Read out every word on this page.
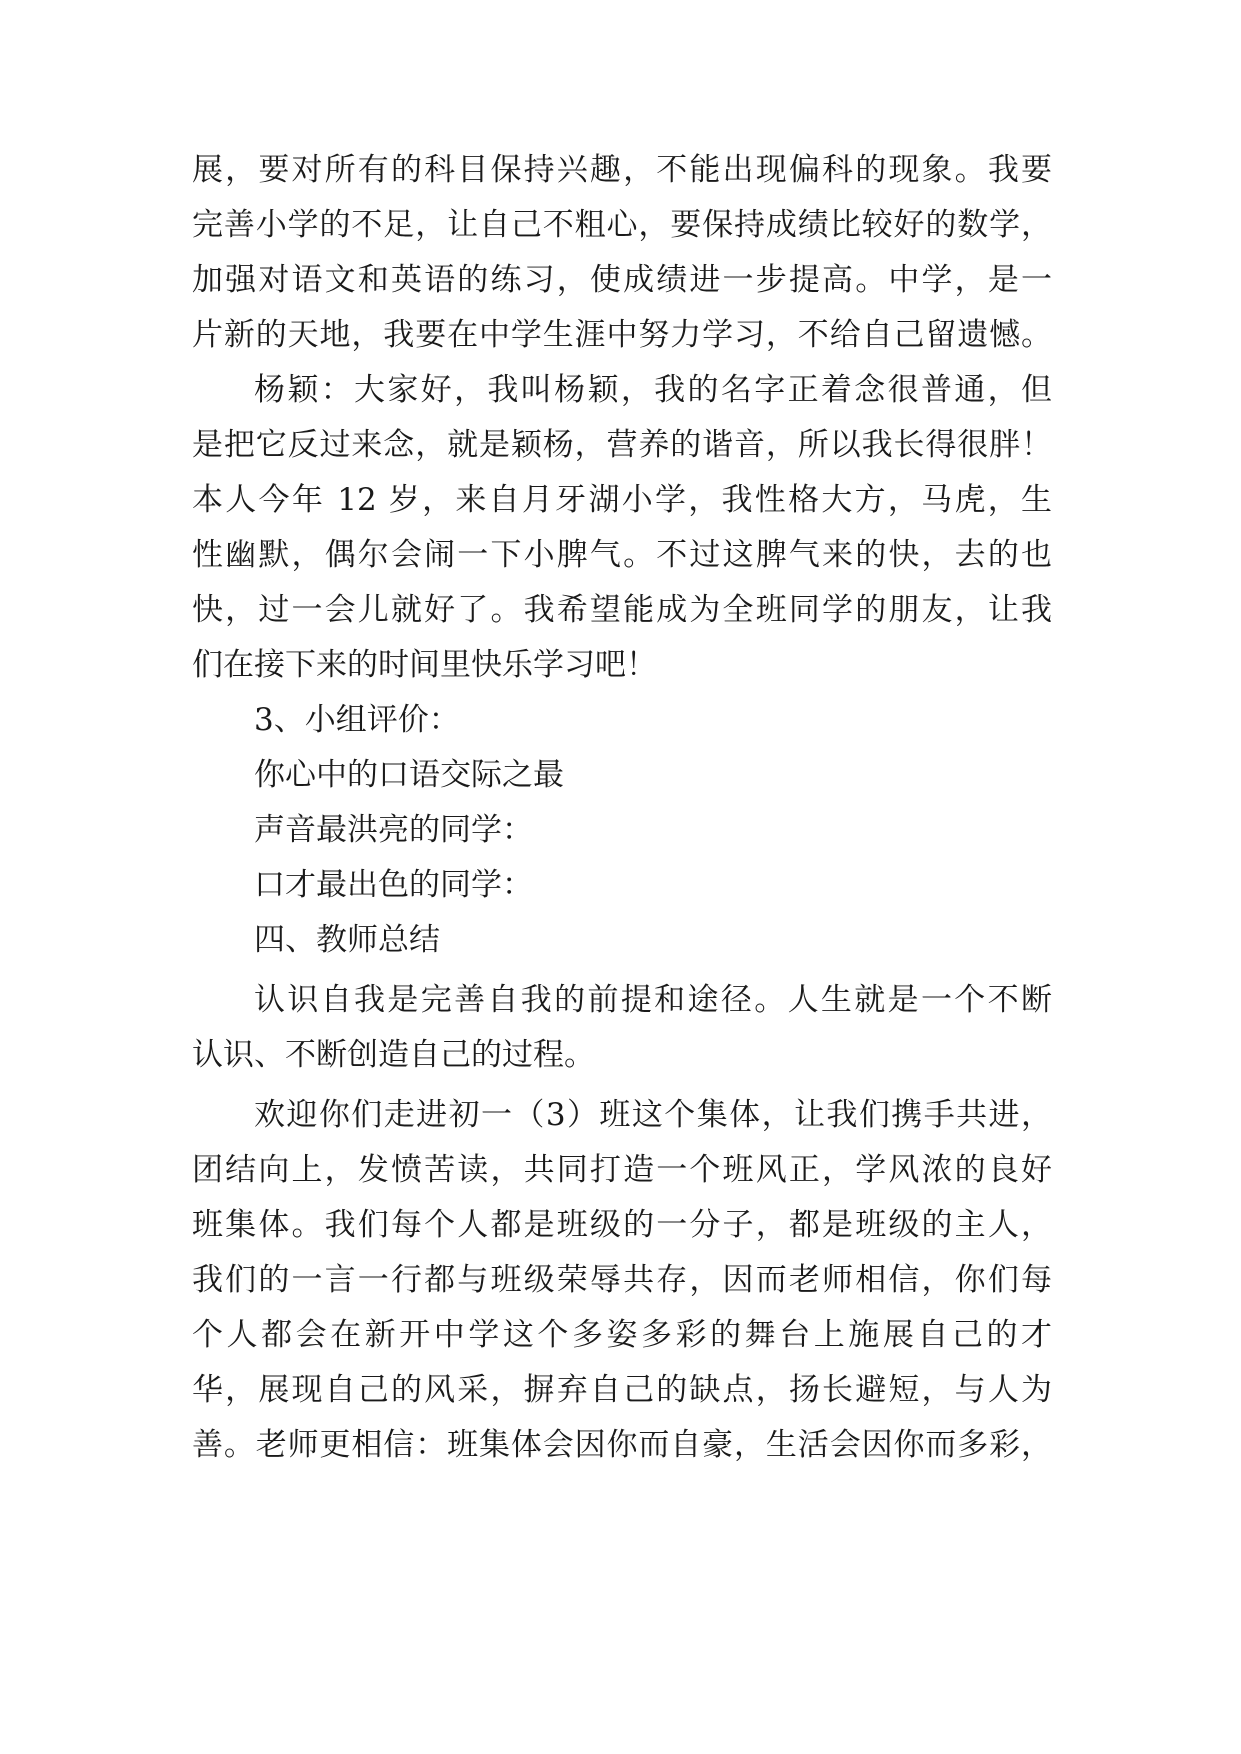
展，要对所有的科目保持兴趣，不能出现偏科的现象。我要
完善小学的不足，让自己不粗心，要保持成绩比较好的数学，
加强对语文和英语的练习，使成绩进一步提高。中学，是一
片新的天地，我要在中学生涯中努力学习，不给自己留遗憾。
杨颖：大家好，我叫杨颖，我的名字正着念很普通，但
是把它反过来念，就是颖杨，营养的谐音，所以我长得很胖！
本人今年 12 岁，来自月牙湖小学，我性格大方，马虎，生
性幽默，偶尔会闹一下小脾气。不过这脾气来的快，去的也
快，过一会儿就好了。我希望能成为全班同学的朋友，让我
们在接下来的时间里快乐学习吧！
3、小组评价：
你心中的口语交际之最
声音最洪亮的同学：
口才最出色的同学：
四、教师总结
认识自我是完善自我的前提和途径。人生就是一个不断
认识、不断创造自己的过程。
欢迎你们走进初一（3）班这个集体，让我们携手共进，
团结向上，发愤苦读，共同打造一个班风正，学风浓的良好
班集体。我们每个人都是班级的一分子，都是班级的主人，
我们的一言一行都与班级荣辱共存，因而老师相信，你们每
个人都会在新开中学这个多姿多彩的舞台上施展自己的才
华，展现自己的风采，摒弃自己的缺点，扬长避短，与人为
善。老师更相信：班集体会因你而自豪，生活会因你而多彩，
